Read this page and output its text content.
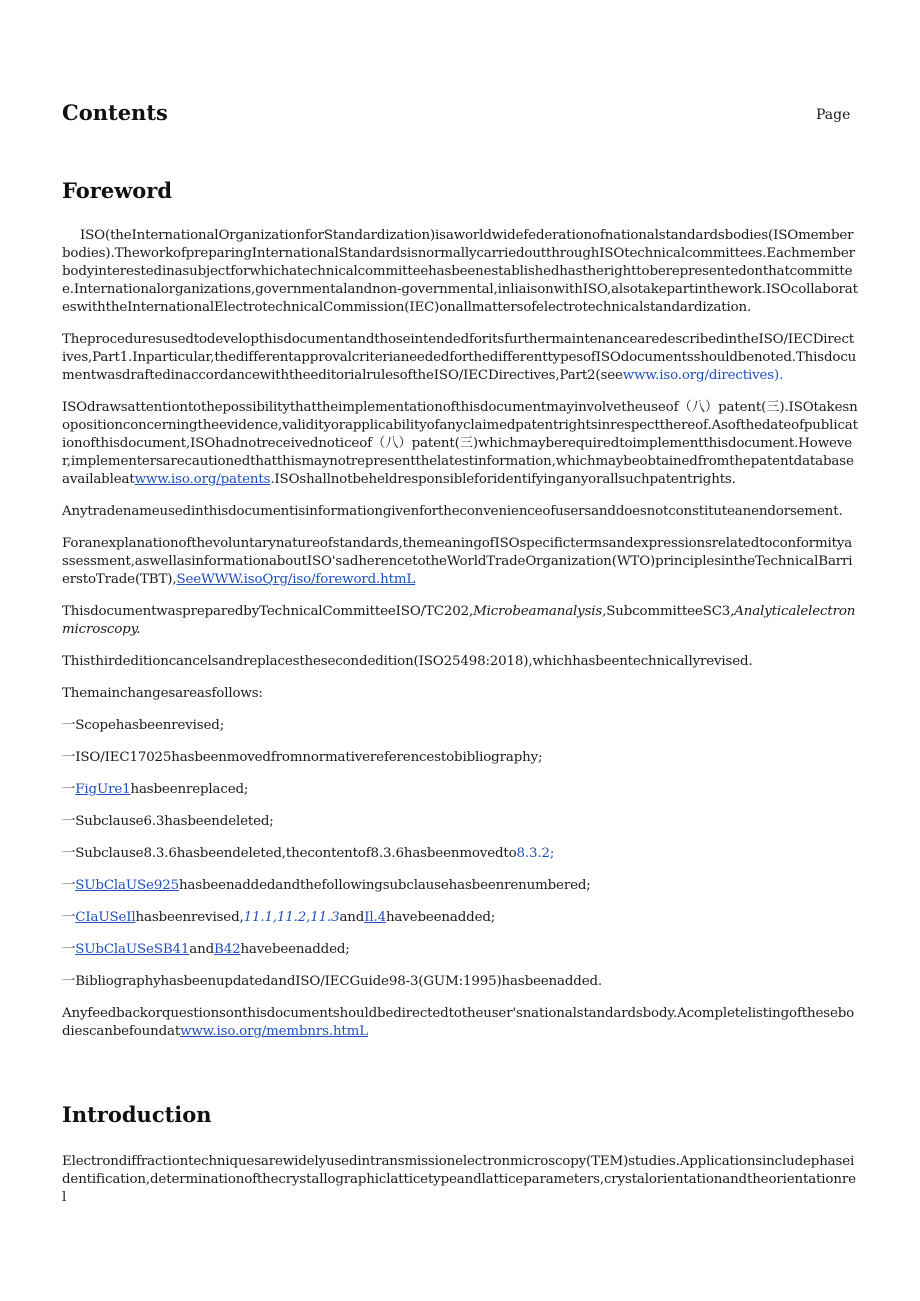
Contents	Page
Foreword

ISO(theInternationalOrganizationforStandardization)isaworldwidefederationofnationalstandardsbodies(ISOmemberbodies).TheworkofpreparingInternationalStandardsisnormallycarriedoutthroughISOtechnicalcommittees.Eachmemberbodyinterestedinasubjectforwhichatechnicalcommitteehasbeenestablishedhastherighttoberepresentedonthatcommittee.Internationalorganizations,governmentalandnon-governmental,inliaisonwithISO,alsotakepartinthework.ISOcollaborateswiththeInternationalElectrotechnicalCommission(IEC)onallmattersofelectrotechnicalstandardization.

TheproceduresusedtodevelopthisdocumentandthoseintendedforitsfurthermaintenancearedescribedintheISO/IECDirectives,Part1.Inparticular,thedifferentapprovalcriterianeededforthedifferenttypesofISOdocumentsshouldbenoted.ThisdocumentwasdraftedinaccordancewiththeeditorialrulesoftheISO/IECDirectives,Part2(seewww.iso.org/directives).

ISOdrawsattentiontothepossibilitythattheimplementationofthisdocumentmayinvolvetheuseof（八）patent(三).ISOtakesnopositionconcerningtheevidence,validityorapplicabilityofanyclaimedpatentrightsinrespectthereof.Asofthedateofpublicationofthisdocument,ISOhadnotreceivednoticeof（八）patent(三)whichmayberequiredtoimplementthisdocument.However,implementersarecautionedthatthismaynotrepresentthelatestinformation,whichmaybeobtainedfromthepatentdatabaseavailableatwww.iso.org/patents.ISOshallnotbeheldresponsibleforidentifyinganyorallsuchpatentrights.

Anytradenameusedinthisdocumentisinformationgivenfortheconvenienceofusersanddoesnotconstituteanendorsement.

Foranexplanationofthevoluntarynatureofstandards,themeaningofISOspecifictermsandexpressionsrelatedtoconformityassessment,aswellasinformationaboutISO'sadherencetotheWorldTradeOrganization(WTO)principlesintheTechnicalBarrierstoTrade(TBT),SeeWWW.isoQrg/iso/foreword.htmL

ThisdocumentwaspreparedbyTechnicalCommitteeISO/TC202,Microbeamanalysis,SubcommitteeSC3,Analyticalelectronmicroscopy.

Thisthirdeditioncancelsandreplacesthesecondedition(ISO25498:2018),whichhasbeentechnicallyrevised.

Themainchangesareasfollows:

一Scopehasbeenrevised;

一ISO/IEC17025hasbeenmovedfromnormativereferencestobibliography;

一FigUre1hasbeenreplaced;

一Subclause6.3hasbeendeleted;

一Subclause8.3.6hasbeendeleted,thecontentof8.3.6hasbeenmovedto8.3.2;

一SUbClaUSe925hasbeenaddedandthefollowingsubclausehasbeenrenumbered;

一CIaUSeIlhasbeenrevised,11.1,11.2,11.3andIl.4havebeenadded;

一SUbClaUSeSB41andB42havebeenadded;

一BibliographyhasbeenupdatedandISO/IECGuide98-3(GUM:1995)hasbeenadded.

Anyfeedbackorquestionsonthisdocumentshouldbedirectedtotheuser'snationalstandardsbody.Acompletelistingofthesebodiescanbefoundatwww.iso.org/membnrs.htmL

Introduction

Electrondiffractiontechniquesarewidelyusedintransmissionelectronmicroscopy(TEM)studies.Applicationsincludephaseidentification,determinationofthecrystallographiclatticetypeandlatticeparameters,crystalorientationandtheorientationrel
